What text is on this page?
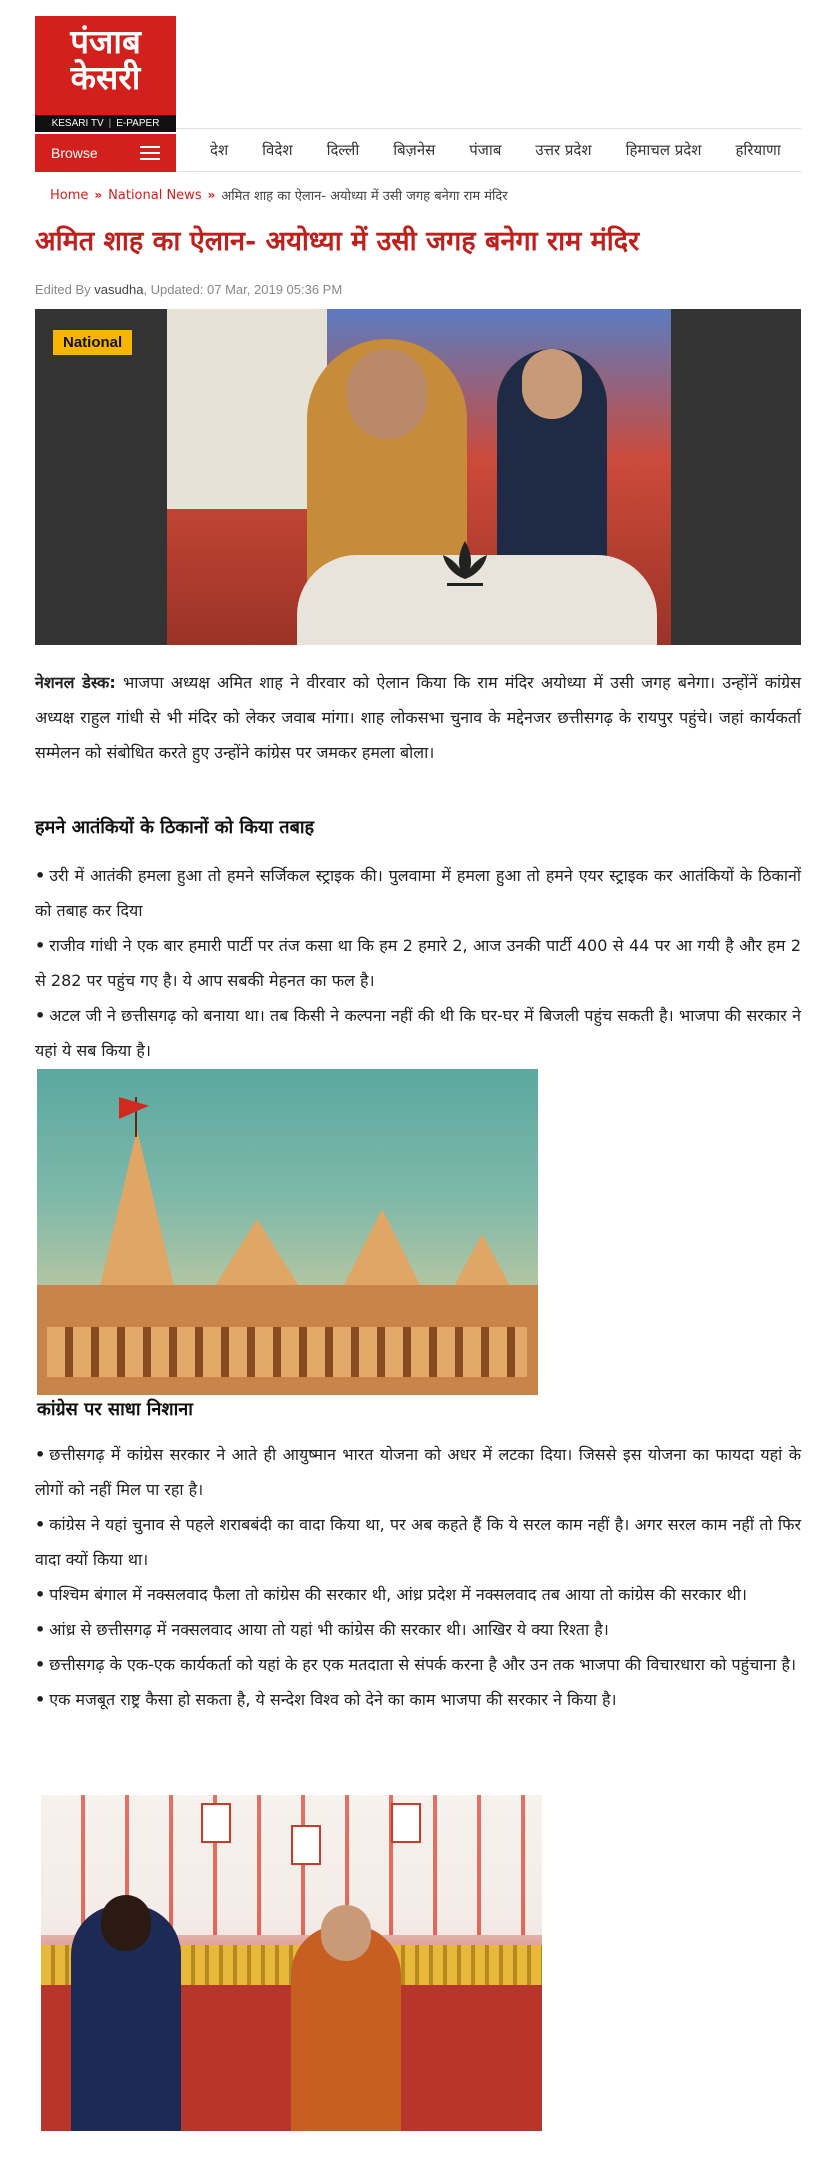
पंजाब
केसरी
KESARI TV | E-PAPER
Browse	देश विदेश दिल्ली बिज़नेस पंजाब उत्तर प्रदेश हिमाचल प्रदेश हरियाणा
Home » National News » अमित शाह का ऐलान- अयोध्या में उसी जगह बनेगा राम मंदिर
अमित शाह का ऐलान- अयोध्या में उसी जगह बनेगा राम मंदिर
Edited By vasudha, Updated: 07 Mar, 2019 05:36 PM
National

नेशनल डेस्क: भाजपा अध्यक्ष अमित शाह ने वीरवार को ऐलान किया कि राम मंदिर अयोध्या में उसी जगह बनेगा। उन्होंनें कांग्रेस अध्यक्ष राहुल गांधी से भी मंदिर को लेकर जवाब मांगा। शाह लोकसभा चुनाव के मद्देनजर छत्तीसगढ़ के रायपुर पहुंचे। जहां कार्यकर्ता सम्मेलन को संबोधित करते हुए उन्होंने कांग्रेस पर जमकर हमला बोला।

हमने आतंकियों के ठिकानों को किया तबाह
• उरी में आतंकी हमला हुआ तो हमने सर्जिकल स्ट्राइक की। पुलवामा में हमला हुआ तो हमने एयर स्ट्राइक कर आतंकियों के ठिकानों को तबाह कर दिया
• राजीव गांधी ने एक बार हमारी पार्टी पर तंज कसा था कि हम 2 हमारे 2, आज उनकी पार्टी 400 से 44 पर आ गयी है और हम 2 से 282 पर पहुंच गए है। ये आप सबकी मेहनत का फल है।
• अटल जी ने छत्तीसगढ़ को बनाया था। तब किसी ने कल्पना नहीं की थी कि घर-घर में बिजली पहुंच सकती है। भाजपा की सरकार ने यहां ये सब किया है।
कांग्रेस पर साधा निशाना
• छत्तीसगढ़ में कांग्रेस सरकार ने आते ही आयुष्मान भारत योजना को अधर में लटका दिया। जिससे इस योजना का फायदा यहां के लोगों को नहीं मिल पा रहा है।
• कांग्रेस ने यहां चुनाव से पहले शराबबंदी का वादा किया था, पर अब कहते हैं कि ये सरल काम नहीं है। अगर सरल काम नहीं तो फिर वादा क्यों किया था।
• पश्चिम बंगाल में नक्सलवाद फैला तो कांग्रेस की सरकार थी, आंध्र प्रदेश में नक्सलवाद तब आया तो कांग्रेस की सरकार थी।
• आंध्र से छत्तीसगढ़ में नक्सलवाद आया तो यहां भी कांग्रेस की सरकार थी। आखिर ये क्या रिश्ता है।
• छत्तीसगढ़ के एक-एक कार्यकर्ता को यहां के हर एक मतदाता से संपर्क करना है और उन तक भाजपा की विचारधारा को पहुंचाना है।
• एक मजबूत राष्ट्र कैसा हो सकता है, ये सन्देश विश्व को देने का काम भाजपा की सरकार ने किया है।
